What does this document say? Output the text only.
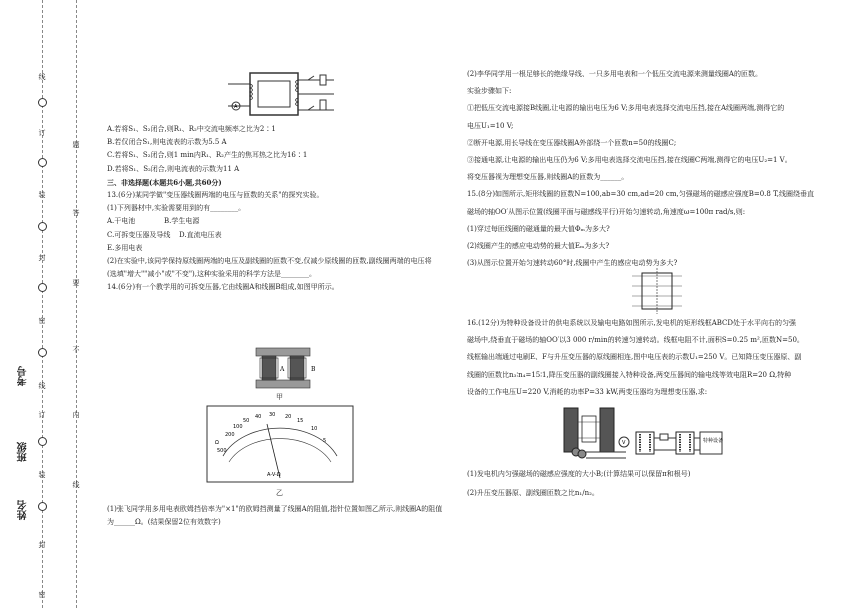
线
订
装
封
密
线
订
装
封
密
题
答
要
不
内
线
考号
班级
姓名
A

A.若将S₁、S₂闭合,则R₁、R₂中交流电频率之比为2∶1

B.若仅闭合S₁,则电流表的示数为5.5 A

C.若将S₁、S₂闭合,则1 min内R₁、R₂产生的焦耳热之比为16∶1

D.若将S₁、S₂闭合,则电流表的示数为11 A

三、非选择题(本题共6小题,共60分)

13.(6分)某同学做"变压器线圈两端的电压与匝数的关系"的探究实验。

(1)下列器材中,实验需要用到的有________。

A.干电池	B.学生电源

C.可拆变压器及导线 D.直流电压表

E.多用电表

(2)在实验中,该同学保持原线圈两端的电压及副线圈的匝数不变,仅减少原线圈的匝数,副线圈两端的电压将

(选填"增大""减小"或"不变"),这种实验采用的科学方法是________。

14.(6分)有一个教学用的可拆变压器,它由线圈A和线圈B组成,如图甲所示。

A	B
甲
Ω	5
10
15
20
30
40
50
100
200
500
A-V-Ω
乙

(1)张飞同学用多用电表欧姆挡倍率为"×1"的欧姆挡测量了线圈A的阻值,指针位置如图乙所示,则线圈A的阻值

为______Ω。(结果保留2位有效数字)

(2)李华同学用一根足够长的绝缘导线、一只多用电表和一个低压交流电源来测量线圈A的匝数。

实验步骤如下:

①把低压交流电源接B线圈,让电源的输出电压为6 V;多用电表选择交流电压挡,接在A线圈两端,测得它的

电压U₁=10 V;

②断开电源,用长导线在变压器线圈A外部绕一个匝数n=50的线圈C;

③接通电源,让电源的输出电压仍为6 V;多用电表选择交流电压挡,接在线圈C两端,测得它的电压U₂=1 V。

将变压器视为理想变压器,则线圈A的匝数为______。

15.(8分)如图所示,矩形线圈的匝数N=100,ab=30 cm,ad=20 cm,匀强磁场的磁感应强度B=0.8 T,线圈绕垂直

磁场的轴OO′从图示位置(线圈平面与磁感线平行)开始匀速转动,角速度ω=100π rad/s,则:

(1)穿过每匝线圈的磁通量的最大值Φₘ为多大?

(2)线圈产生的感应电动势的最大值Eₘ为多大?

(3)从图示位置开始匀速转动60°时,线圈中产生的感应电动势为多大?

16.(12分)为特种设备设计的供电系统以及输电电路如图所示,发电机的矩形线框ABCD处于水平向右的匀强

磁场中,绕垂直于磁场的轴OO′以3 000 r/min的转速匀速转动。线框电阻不计,面积S=0.25 m²,匝数N=50。

线框输出端通过电刷E、F与升压变压器的原线圈相连,图中电压表的示数U₁=250 V。已知降压变压器原、副

线圈的匝数比n₃∶n₄=15∶1,降压变压器的副线圈接入特种设备,两变压器间的输电线等效电阻R=20 Ω,特种

设备的工作电压U=220 V,消耗的功率P=33 kW,两变压器均为理想变压器,求:

V	特种设备

(1)发电机内匀强磁场的磁感应强度的大小B;(计算结果可以保留π和根号)

(2)升压变压器原、副线圈匝数之比n₁/n₂。
